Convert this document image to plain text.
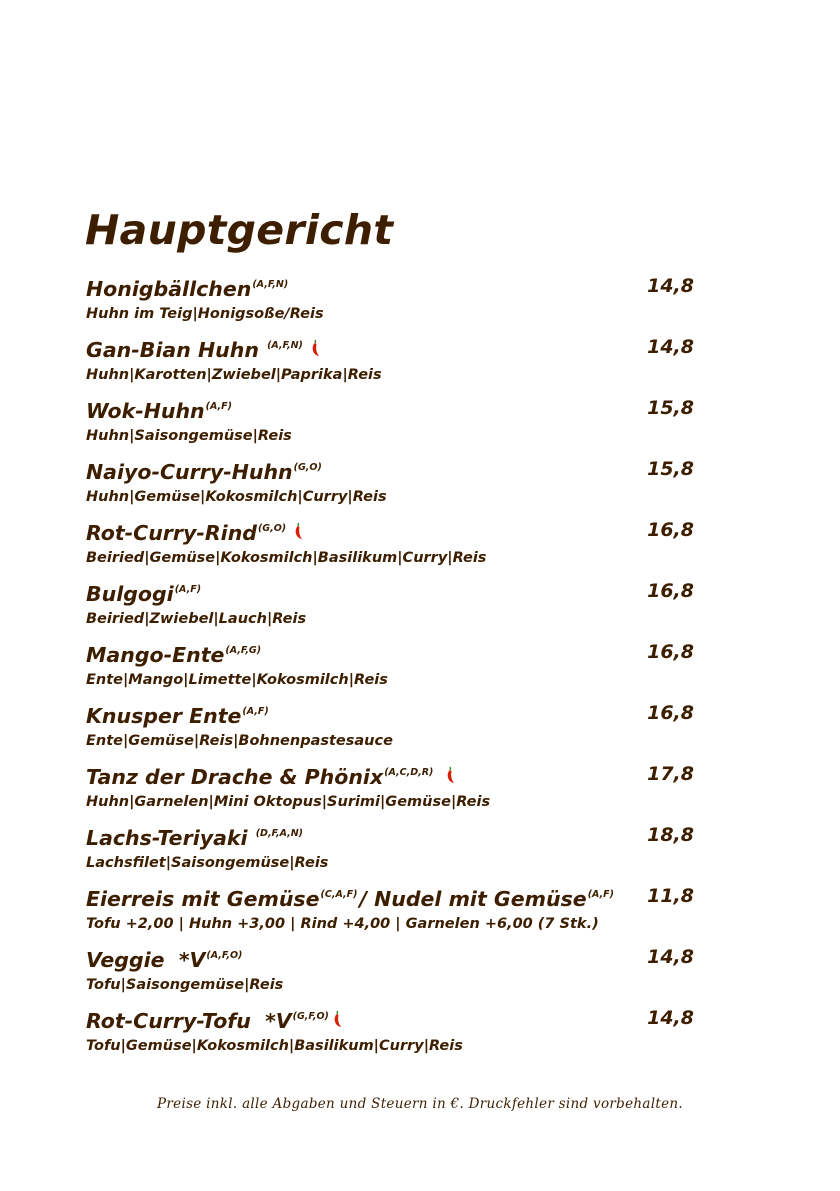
Hauptgericht
Honigbällchen$^{(A,F,N)}$	14,8
Huhn im Teig|Honigsoße/Reis
Gan-Bian Huhn $^{(A,F,N)}$	14,8
Huhn|Karotten|Zwiebel|Paprika|Reis
Wok-Huhn$^{(A,F)}$	15,8
Huhn|Saisongemüse|Reis
Naiyo-Curry-Huhn$^{(G,O)}$	15,8
Huhn|Gemüse|Kokosmilch|Curry|Reis
Rot-Curry-Rind$^{(G,O)}$	16,8
Beiried|Gemüse|Kokosmilch|Basilikum|Curry|Reis
Bulgogi$^{(A,F)}$	16,8
Beiried|Zwiebel|Lauch|Reis
Mango-Ente$^{(A,F,G)}$	16,8
Ente|Mango|Limette|Kokosmilch|Reis
Knusper Ente$^{(A,F)}$	16,8
Ente|Gemüse|Reis|Bohnenpastesauce
Tanz der Drache & Phönix$^{(A,C,D,R)}$	17,8
Huhn|Garnelen|Mini Oktopus|Surimi|Gemüse|Reis
Lachs-Teriyaki $^{(D,F,A,N)}$	18,8
Lachsfilet|Saisongemüse|Reis
Eierreis mit Gemüse$^{(C,A,F)}$/ Nudel mit Gemüse$^{(A,F)}$ 11,8
Tofu +2,00 | Huhn +3,00 | Rind +4,00 | Garnelen +6,00 (7 Stk.)
Veggie  $*V^{(A,F,O)}$	14,8
Tofu|Saisongemüse|Reis
Rot-Curry-Tofu  $*V^{(G,F,O)}$	14,8
Tofu|Gemüse|Kokosmilch|Basilikum|Curry|Reis
Preise inkl. alle Abgaben und Steuern in €. Druckfehler sind vorbehalten.
